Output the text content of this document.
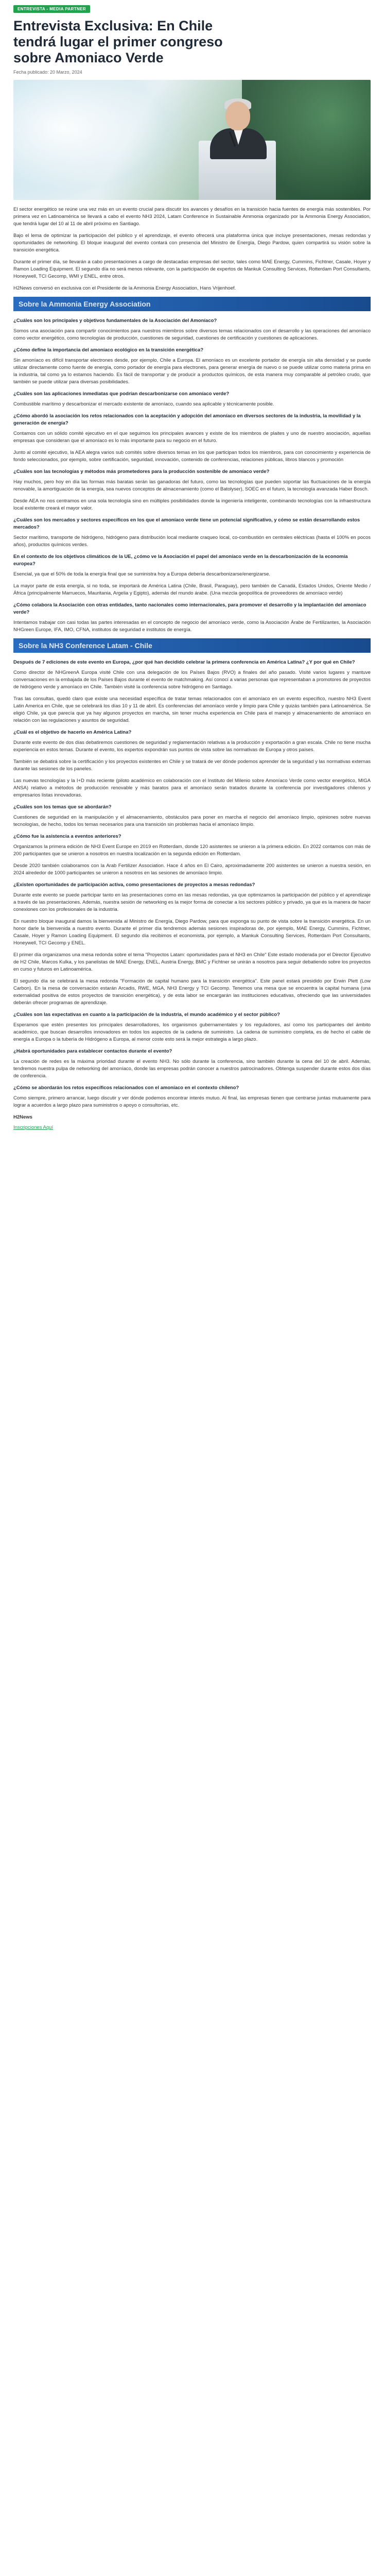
ENTREVISTA - MEDIA PARTNER
Entrevista Exclusiva: En Chile tendrá lugar el primer congreso sobre Amoniaco Verde
Fecha publicado: 20 Marzo, 2024

El sector energético se reúne una vez más en un evento crucial para discutir los avances y desafíos en la transición hacia fuentes de energía más sostenibles. Por primera vez en Latinoamérica se llevará a cabo el evento NH3 2024, Latam Conference in Sustainable Ammonia organizado por la Ammonia Energy Association, que tendrá lugar del 10 al 11 de abril próximo en Santiago.

Bajo el lema de optimizar la participación del público y el aprendizaje, el evento ofrecerá una plataforma única que incluye presentaciones, mesas redondas y oportunidades de networking. El bloque inaugural del evento contará con presencia del Ministro de Energía, Diego Pardow, quien compartirá su visión sobre la transición energética.

Durante el primer día, se llevarán a cabo presentaciones a cargo de destacadas empresas del sector, tales como MAE Energy, Cummins, Fichtner, Casale, Hoyer y Ramon Loading Equipment. El segundo día no será menos relevante, con la participación de expertos de Mankuk Consulting Services, Rotterdam Port Consultants, Honeywell, TCI Gecomp, WMI y ENEL, entre otros.

H2News conversó en exclusiva con el Presidente de la Ammonia Energy Association, Hans Vrijenhoef.

Sobre la Ammonia Energy Association
¿Cuáles son los principales y objetivos fundamentales de la Asociación del Amoníaco?

Somos una asociación para compartir conocimientos para nuestros miembros sobre diversos temas relacionados con el desarrollo y las operaciones del amoníaco como vector energético, como tecnologías de producción, cuestiones de seguridad, cuestiones de certificación y cuestiones de aplicaciones.

¿Cómo define la importancia del amoníaco ecológico en la transición energética?

Sin amoníaco es difícil transportar electrones desde, por ejemplo, Chile a Europa. El amoníaco es un excelente portador de energía sin alta densidad y se puede utilizar directamente como fuente de energía, como portador de energía para electrones, para generar energía de nuevo o se puede utilizar como materia prima en la industria, tal como ya lo estamos haciendo. Es fácil de transportar y de producir a productos químicos, de esta manera muy comparable al petróleo crudo, que también se puede utilizar para diversas posibilidades.

¿Cuáles son las aplicaciones inmediatas que podrían descarbonizarse con amoníaco verde?

Combustible marítimo y descarbonizar el mercado existente de amoníaco, cuando sea aplicable y técnicamente posible.

¿Cómo abordó la asociación los retos relacionados con la aceptación y adopción del amoníaco en diversos sectores de la industria, la movilidad y la generación de energía?

Contamos con un sólido comité ejecutivo en el que seguimos los principales avances y existe de los miembros de plaites y uno de nuestro asociación, aquellas empresas que consideran que el amoníaco es lo más importante para su negocio en el futuro.

Junto al comité ejecutivo, la AEA alegra varios sub comités sobre diversos temas en los que participan todos los miembros, para con conocimiento y experiencia de fondo seleccionados, por ejemplo, sobre certificación, seguridad, innovación, contenido de conferencias, relaciones públicas, libros blancos y promoción

¿Cuáles son las tecnologías y métodos más prometedores para la producción sostenible de amoníaco verde?

Hay muchos, pero hoy en día las formas más baratas serán las ganadoras del futuro, como las tecnologías que pueden soportar las fluctuaciones de la energía renovable, la amortiguación de la energía, sea nuevos conceptos de almacenamiento (como el Batolyser), SOEC en el futuro, la tecnología avanzada Haber Bosch.

Desde AEA no nos centramos en una sola tecnología sino en múltiples posibilidades donde la ingeniería inteligente, combinando tecnologías con la infraestructura local existente creará el mayor valor.

¿Cuáles son los mercados y sectores específicos en los que el amoníaco verde tiene un potencial significativo, y cómo se están desarrollando estos mercados?

Sector marítimo, transporte de hidrógeno, hidrógeno para distribución local mediante craqueo local, co-combustión en centrales eléctricas (hasta el 100% en pocos años), productos químicos verdes.

En el contexto de los objetivos climáticos de la UE, ¿cómo ve la Asociación el papel del amoníaco verde en la descarbonización de la economía europea?

Esencial, ya que el 50% de toda la energía final que se suministra hoy a Europa debería descarbonizarse/energizarse.

La mayor parte de esta energía, si no toda, se importará de América Latina (Chile, Brasil, Paraguay), pero también de Canadá, Estados Unidos, Oriente Medio / África (principalmente Marruecos, Mauritania, Argelia y Egipto), además del mundo árabe. (Una mezcla geopolítica de proveedores de amoníaco verde)

¿Cómo colabora la Asociación con otras entidades, tanto nacionales como internacionales, para promover el desarrollo y la implantación del amoníaco verde?

Intentamos trabajar con casi todas las partes interesadas en el concepto de negocio del amoníaco verde, como la Asociación Árabe de Fertilizantes, la Asociación NHGreen Europe, IFA, IMO, CFNA, institutos de seguridad e institutos de energía.

Sobre la NH3 Conference Latam - Chile
Después de 7 ediciones de este evento en Europa, ¿por qué han decidido celebrar la primera conferencia en América Latina? ¿Y por qué en Chile?

Como director de NHGreenA Europa visité Chile con una delegación de los Países Bajos (RVO) a finales del año pasado. Visité varios lugares y mantuve conversaciones en la embajada de los Países Bajos durante el evento de matchmaking. Así conocí a varias personas que representaban a promotores de proyectos de hidrógeno verde y amoníaco en Chile. También visité la conferencia sobre hidrógeno en Santiago.

Tras las consultas, quedó claro que existe una necesidad específica de tratar temas relacionados con el amoníaco en un evento específico, nuestro NH3 Event Latin America en Chile, que se celebrará los días 10 y 11 de abril. Es conferencias del amoníaco verde y limpio para Chile y quizás también para Latinoamérica. Se eligió Chile, ya que parecía que ya hay algunos proyectos en marcha, sin tener mucha experiencia en Chile para el manejo y almacenamiento de amoníaco en relación con las regulaciones y asuntos de seguridad.

¿Cuál es el objetivo de hacerlo en América Latina?

Durante este evento de dos días debatiremos cuestiones de seguridad y reglamentación relativas a la producción y exportación a gran escala. Chile no tiene mucha experiencia en estos temas. Durante el evento, los expertos expondrán sus puntos de vista sobre las normativas de Europa y otros países.

También se debatirá sobre la certificación y los proyectos existentes en Chile y se tratará de ver dónde podemos aprender de la seguridad y las normativas externas durante las sesiones de los paneles.

Las nuevas tecnologías y la I+D más reciente (piloto académico en colaboración con el Instituto del Milenio sobre Amoníaco Verde como vector energético, MIGA ANSA) relativo a métodos de producción renovable y más baratos para el amoníaco serán tratados durante la conferencia por investigadores chilenos y empresarios listas innovadoras.

¿Cuáles son los temas que se abordarán?

Cuestiones de seguridad en la manipulación y el almacenamiento, obstáculos para poner en marcha el negocio del amoníaco limpio, opiniones sobre nuevas tecnologías, de hecho, todos los temas necesarios para una transición sin problemas hacia el amoníaco limpio.

¿Cómo fue la asistencia a eventos anteriores?

Organizamos la primera edición de NH3 Event Europe en 2019 en Rotterdam, donde 120 asistentes se unieron a la primera edición. En 2022 contamos con más de 200 participantes que se unieron a nosotros en nuestra localización en la segunda edición en Rotterdam.

Desde 2020 también colaboramos con la Arab Fertilizer Association. Hace 4 años en El Cairo, aproximadamente 200 asistentes se unieron a nuestra sesión, en 2024 alrededor de 1000 participantes se unieron a nosotros en las sesiones de amoníaco limpio.

¿Existen oportunidades de participación activa, como presentaciones de proyectos a mesas redondas?

Durante este evento se puede participar tanto en las presentaciones como en las mesas redondas, ya que optimizamos la participación del público y el aprendizaje a través de las presentaciones. Además, nuestra sesión de networking es la mejor forma de conectar a los sectores público y privado, ya que es la manera de hacer conexiones con los profesionales de la industria.

En nuestro bloque inaugural damos la bienvenida al Ministro de Energía, Diego Pardow, para que exponga su punto de vista sobre la transición energética. En un honor darle la bienvenida a nuestro evento. Durante el primer día tendremos además sesiones inspiradoras de, por ejemplo, MAE Energy, Cummins, Fichtner, Casale, Hoyer y Ramon Loading Equipment. El segundo día recibimos el economista, por ejemplo, a Mankuk Consulting Services, Rotterdam Port Consultants, Honeywell, TCI Gecomp y ENEL.

El primer día organizamos una mesa redonda sobre el tema "Proyectos Latam: oportunidades para el NH3 en Chile" Este estado moderada por el Director Ejecutivo de H2 Chile, Marcos Kulka, y los panelistas de MAE Energy, ENEL, Austria Energy, BMC y Fichtner se unirán a nosotros para seguir debatiendo sobre los proyectos en curso y futuros en Latinoamérica.

El segundo día se celebrará la mesa redonda "Formación de capital humano para la transición energética". Este panel estará presidido por Erwin Plett (Low Carbon). En la mesa de conversación estarán Arcadis, RWE, MGA, NH3 Energy y TCI Gecomp. Tenemos una mesa que se encuentra la capital humana (una externalidad positiva de estos proyectos de transición energética), y de esta labor se encargarán las instituciones educativas, ofreciendo que las universidades deberán ofrecer programas de aprendizaje.

¿Cuáles son las expectativas en cuanto a la participación de la industria, el mundo académico y el sector público?

Esperamos que estén presentes los principales desarrolladores, los organismos gubernamentales y los reguladores, así como los participantes del ámbito académico, que buscan desarrollos innovadores en todos los aspectos de la cadena de suministro. La cadena de suministro completa, es de hecho el cable de energía a Europa o la tubería de Hidrógeno a Europa, al menor coste esto será la mejor estrategia a largo plazo.

¿Habrá oportunidades para establecer contactos durante el evento?

La creación de redes es la máxima prioridad durante el evento NH3. No sólo durante la conferencia, sino también durante la cena del 10 de abril. Además, tendremos nuestra pulpa de networking del amoníaco, donde las empresas podrán conocer a nuestros patrocinadores. Obtenga suspender durante estos dos días de conferencia.

¿Cómo se abordarán los retos específicos relacionados con el amoníaco en el contexto chileno?

Como siempre, primero arrancar, luego discutir y ver dónde podemos encontrar interés mutuo. Al final, las empresas tienen que centrarse juntas mutuamente para lograr a acuerdos a largo plazo para suministros o apoyo o consultorías, etc.

H2News
Inscripciones Aquí
